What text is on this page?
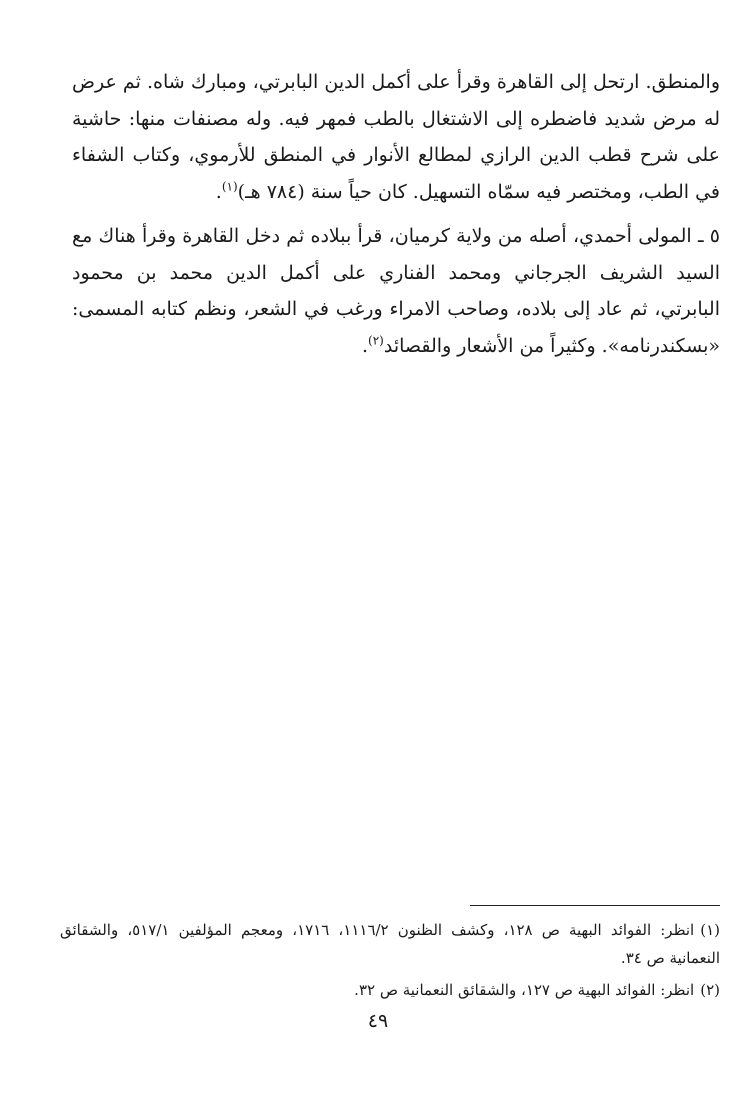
والمنطق. ارتحل إلى القاهرة وقرأ على أكمل الدين البابرتي، ومبارك شاه. ثم عرض له مرض شديد فاضطره إلى الاشتغال بالطب فمهر فيه. وله مصنفات منها: حاشية على شرح قطب الدين الرازي لمطالع الأنوار في المنطق للأرموي، وكتاب الشفاء في الطب، ومختصر فيه سمّاه التسهيل. كان حياً سنة (٧٨٤ هـ)$^{(١)}$.

٥ ـ المولى أحمدي، أصله من ولاية كرميان، قرأ ببلاده ثم دخل القاهرة وقرأ هناك مع السيد الشريف الجرجاني ومحمد الفناري على أكمل الدين محمد بن محمود البابرتي، ثم عاد إلى بلاده، وصاحب الامراء ورغب في الشعر، ونظم كتابه المسمى: «بسكندرنامه». وكثيراً من الأشعار والقصائد$^{(٢)}$.

(١)انظر: الفوائد البهية ص ١٢٨، وكشف الظنون ١١١٦/٢، ١٧١٦، ومعجم المؤلفين ٥١٧/١، والشقائق النعمانية ص ٣٤.

(٢)انظر: الفوائد البهية ص ١٢٧، والشقائق النعمانية ص ٣٢.

٤٩
